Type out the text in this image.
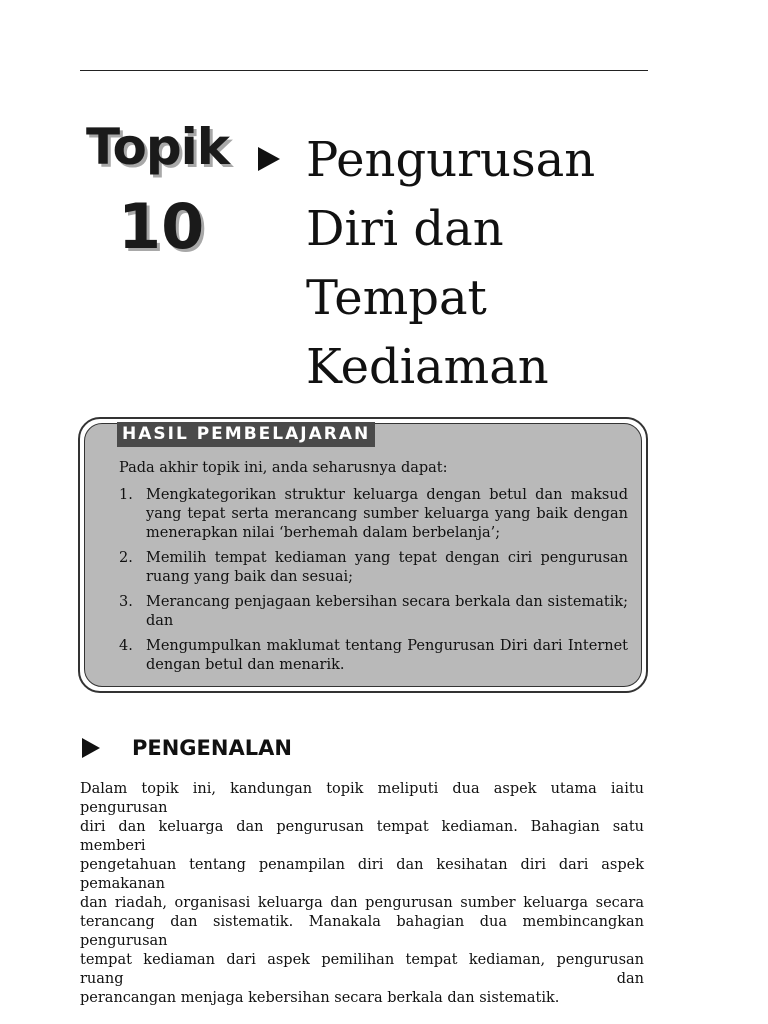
Topik
10
Pengurusan
Diri dan
Tempat
Kediaman
HASIL PEMBELAJARAN

Pada akhir topik ini, anda seharusnya dapat:

1. Mengkategorikan struktur keluarga dengan betul dan maksud yang tepat serta merancang sumber keluarga yang baik dengan menerapkan nilai ‘berhemah dalam berbelanja’;
2. Memilih tempat kediaman yang tepat dengan ciri pengurusan ruang yang baik dan sesuai;
3. Merancang penjagaan kebersihan secara berkala dan sistematik; dan
4. Mengumpulkan maklumat tentang Pengurusan Diri dari Internet dengan betul dan menarik.
PENGENALAN

Dalam topik ini, kandungan topik meliputi dua aspek utama iaitu pengurusan
diri dan keluarga dan pengurusan tempat kediaman. Bahagian satu memberi
pengetahuan tentang penampilan diri dan kesihatan diri dari aspek pemakanan
dan riadah, organisasi keluarga dan pengurusan sumber keluarga secara
terancang dan sistematik. Manakala bahagian dua membincangkan pengurusan
tempat kediaman dari aspek pemilihan tempat kediaman, pengurusan ruang dan
perancangan menjaga kebersihan secara berkala dan sistematik.
